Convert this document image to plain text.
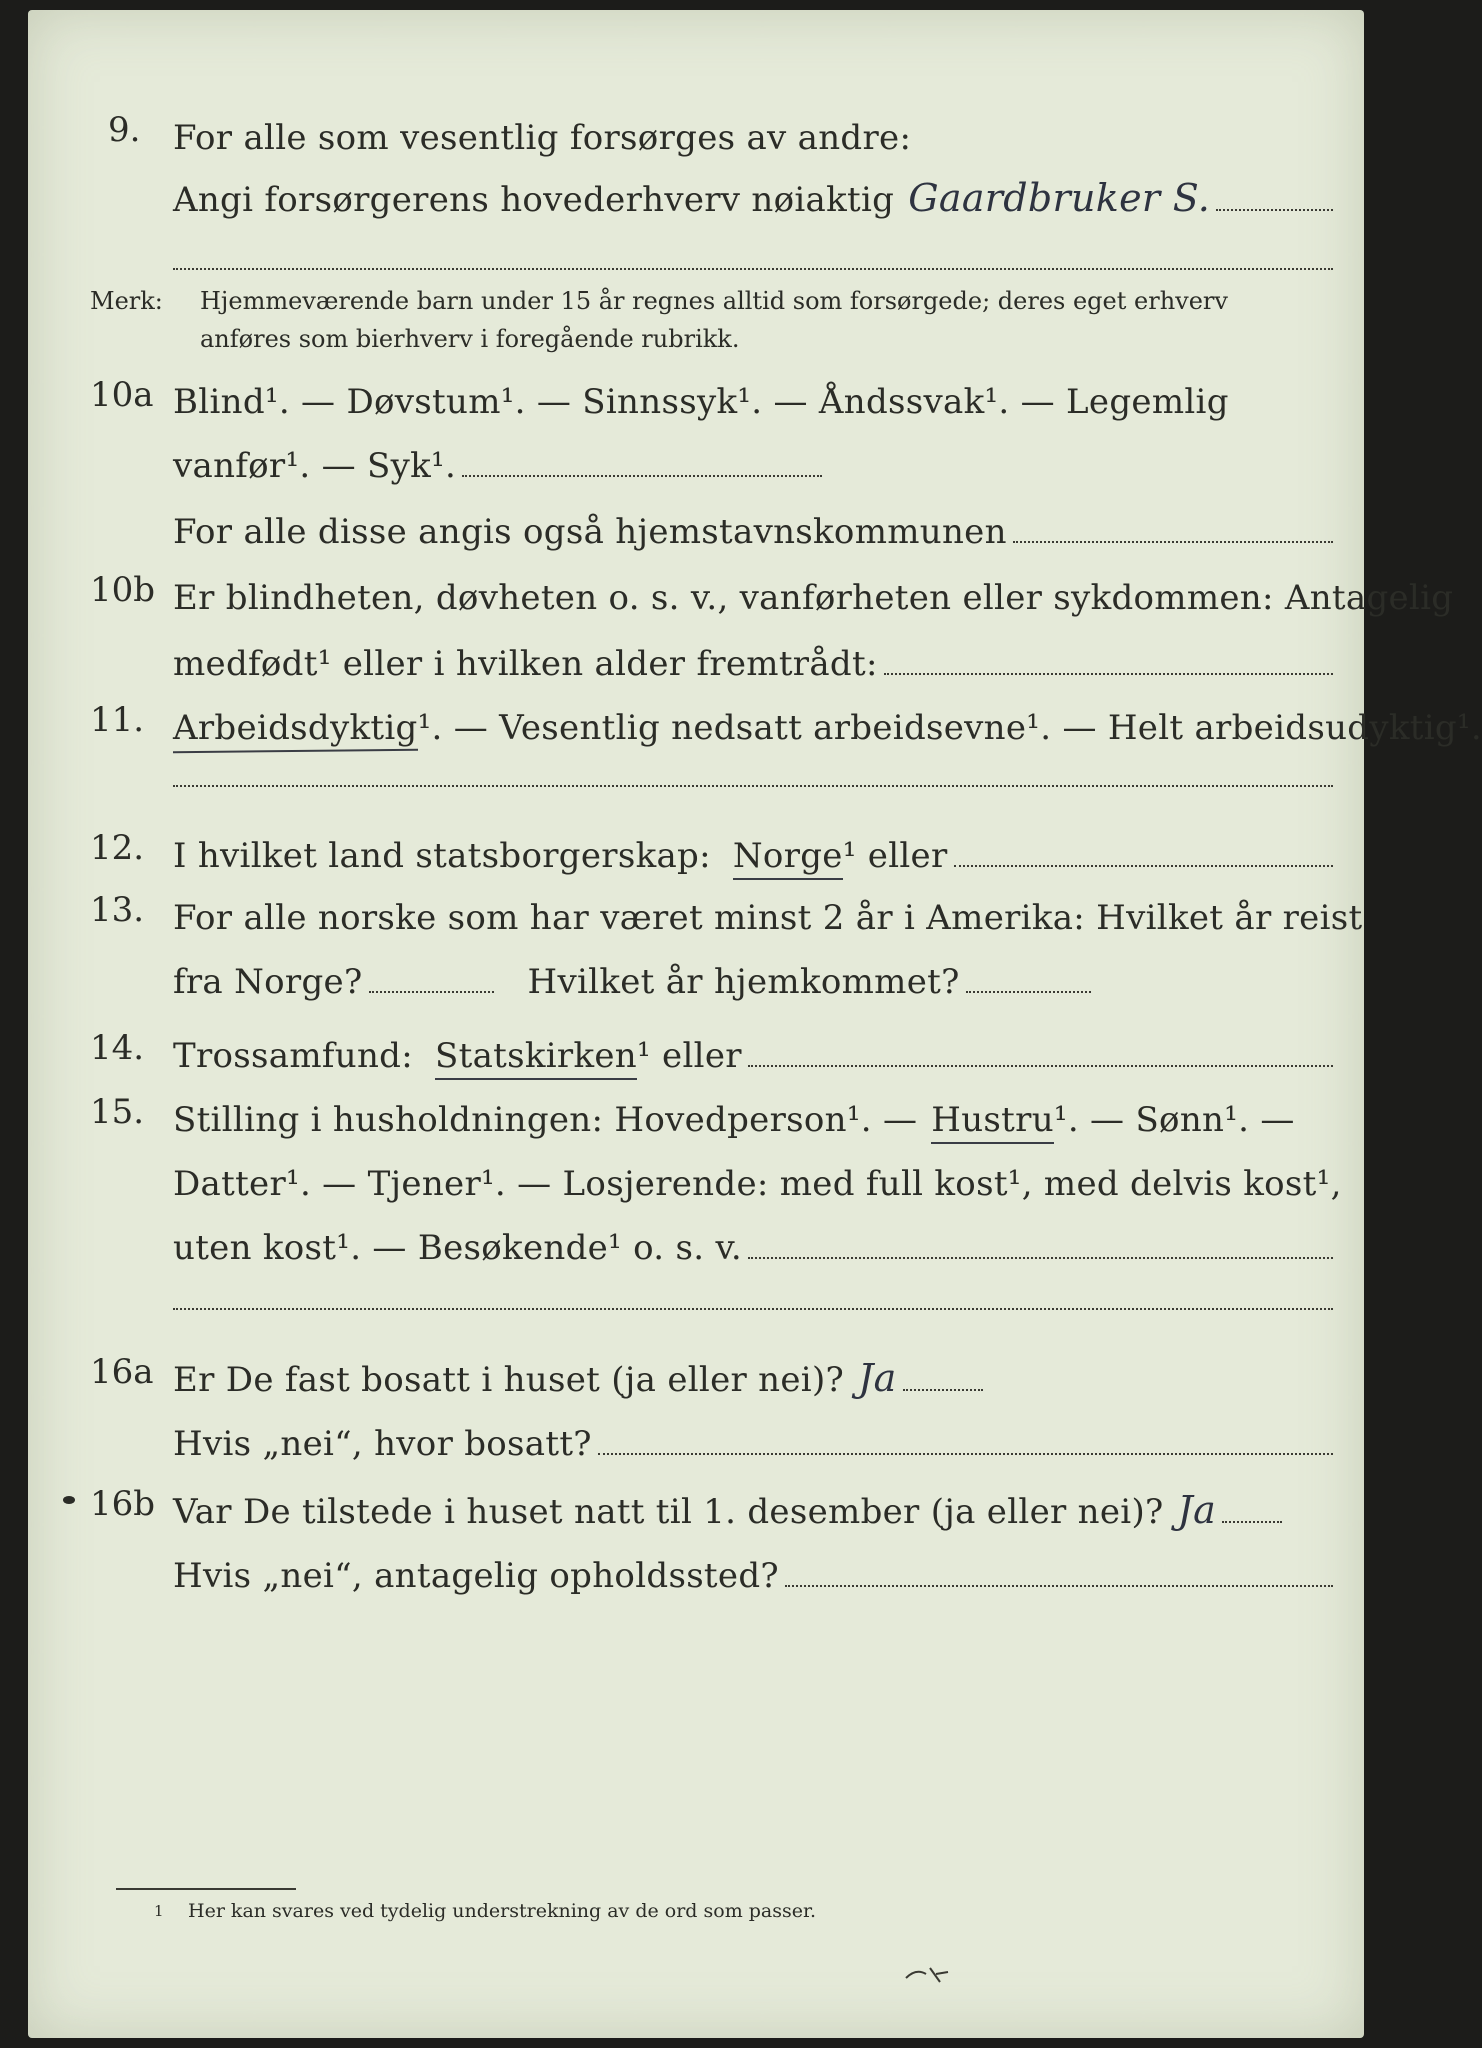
9. For alle som vesentlig forsørges av andre:
Angi forsørgerens hovederhverv nøiaktig Gaardbruker S.
Merk: Hjemmeværende barn under 15 år regnes alltid som forsørgede; deres eget erhverv
anføres som bierhverv i foregående rubrikk.
10a Blind¹. — Døvstum¹. — Sinnssyk¹. — Åndssvak¹. — Legemlig
vanfør¹. — Syk¹.
For alle disse angis også hjemstavnskommunen
10b Er blindheten, døvheten o. s. v., vanførheten eller sykdommen: Antagelig
medfødt¹ eller i hvilken alder fremtrådt:
11. Arbeidsdyktig ¹. — Vesentlig nedsatt arbeidsevne¹. — Helt arbeidsudyktig¹.
12. I hvilket land statsborgerskap: Norge ¹ eller
13. For alle norske som har været minst 2 år i Amerika: Hvilket år reist
fra Norge?	Hvilket år hjemkommet?
14. Trossamfund: Statskirken ¹ eller
15. Stilling i husholdningen: Hovedperson¹. — Hustru ¹. — Sønn¹. —
Datter¹. — Tjener¹. — Losjerende: med full kost¹, med delvis kost¹,
uten kost¹. — Besøkende¹ o. s. v.
16a Er De fast bosatt i huset (ja eller nei)? Ja
Hvis „nei“, hvor bosatt?
16b Var De tilstede i huset natt til 1. desember (ja eller nei)? Ja
Hvis „nei“, antagelig opholdssted?
1 Her kan svares ved tydelig understrekning av de ord som passer.
